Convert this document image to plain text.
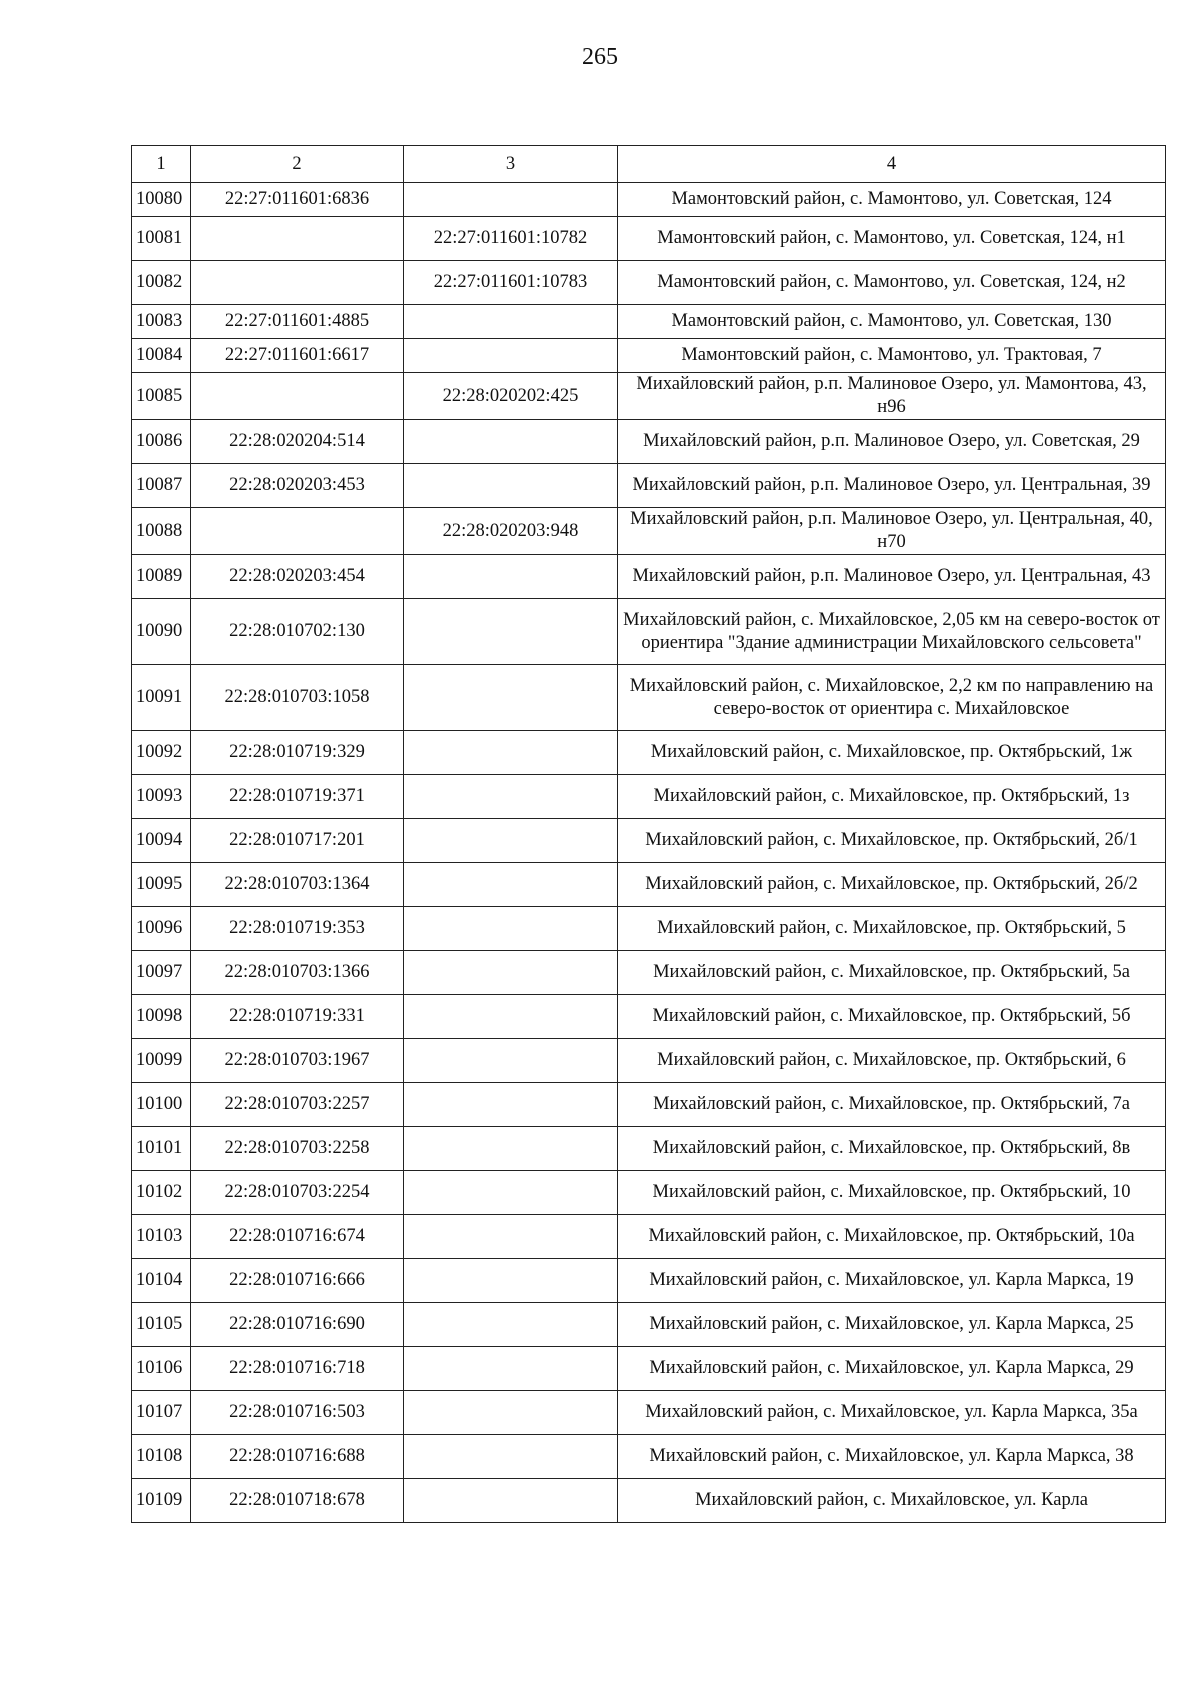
265
1	2	3	4
10080	22:27:011601:6836		Мамонтовский район, с. Мамонтово, ул. Советская, 124
10081		22:27:011601:10782	Мамонтовский район, с. Мамонтово, ул. Советская, 124, н1
10082		22:27:011601:10783	Мамонтовский район, с. Мамонтово, ул. Советская, 124, н2
10083	22:27:011601:4885		Мамонтовский район, с. Мамонтово, ул. Советская, 130
10084	22:27:011601:6617		Мамонтовский район, с. Мамонтово, ул. Трактовая, 7
10085		22:28:020202:425	Михайловский район, р.п. Малиновое Озеро, ул. Мамонтова, 43, н96
10086	22:28:020204:514		Михайловский район, р.п. Малиновое Озеро, ул. Советская, 29
10087	22:28:020203:453		Михайловский район, р.п. Малиновое Озеро, ул. Центральная, 39
10088		22:28:020203:948	Михайловский район, р.п. Малиновое Озеро, ул. Центральная, 40, н70
10089	22:28:020203:454		Михайловский район, р.п. Малиновое Озеро, ул. Центральная, 43
10090	22:28:010702:130		Михайловский район, с. Михайловское, 2,05 км на северо-восток от ориентира "Здание администрации Михайловского сельсовета"
10091	22:28:010703:1058		Михайловский район, с. Михайловское, 2,2 км по направлению на северо-восток от ориентира с. Михайловское
10092	22:28:010719:329		Михайловский район, с. Михайловское, пр. Октябрьский, 1ж
10093	22:28:010719:371		Михайловский район, с. Михайловское, пр. Октябрьский, 1з
10094	22:28:010717:201		Михайловский район, с. Михайловское, пр. Октябрьский, 2б/1
10095	22:28:010703:1364		Михайловский район, с. Михайловское, пр. Октябрьский, 2б/2
10096	22:28:010719:353		Михайловский район, с. Михайловское, пр. Октябрьский, 5
10097	22:28:010703:1366		Михайловский район, с. Михайловское, пр. Октябрьский, 5а
10098	22:28:010719:331		Михайловский район, с. Михайловское, пр. Октябрьский, 5б
10099	22:28:010703:1967		Михайловский район, с. Михайловское, пр. Октябрьский, 6
10100	22:28:010703:2257		Михайловский район, с. Михайловское, пр. Октябрьский, 7а
10101	22:28:010703:2258		Михайловский район, с. Михайловское, пр. Октябрьский, 8в
10102	22:28:010703:2254		Михайловский район, с. Михайловское, пр. Октябрьский, 10
10103	22:28:010716:674		Михайловский район, с. Михайловское, пр. Октябрьский, 10а
10104	22:28:010716:666		Михайловский район, с. Михайловское, ул. Карла Маркса, 19
10105	22:28:010716:690		Михайловский район, с. Михайловское, ул. Карла Маркса, 25
10106	22:28:010716:718		Михайловский район, с. Михайловское, ул. Карла Маркса, 29
10107	22:28:010716:503		Михайловский район, с. Михайловское, ул. Карла Маркса, 35а
10108	22:28:010716:688		Михайловский район, с. Михайловское, ул. Карла Маркса, 38
10109	22:28:010718:678		Михайловский район, с. Михайловское, ул. Карла
